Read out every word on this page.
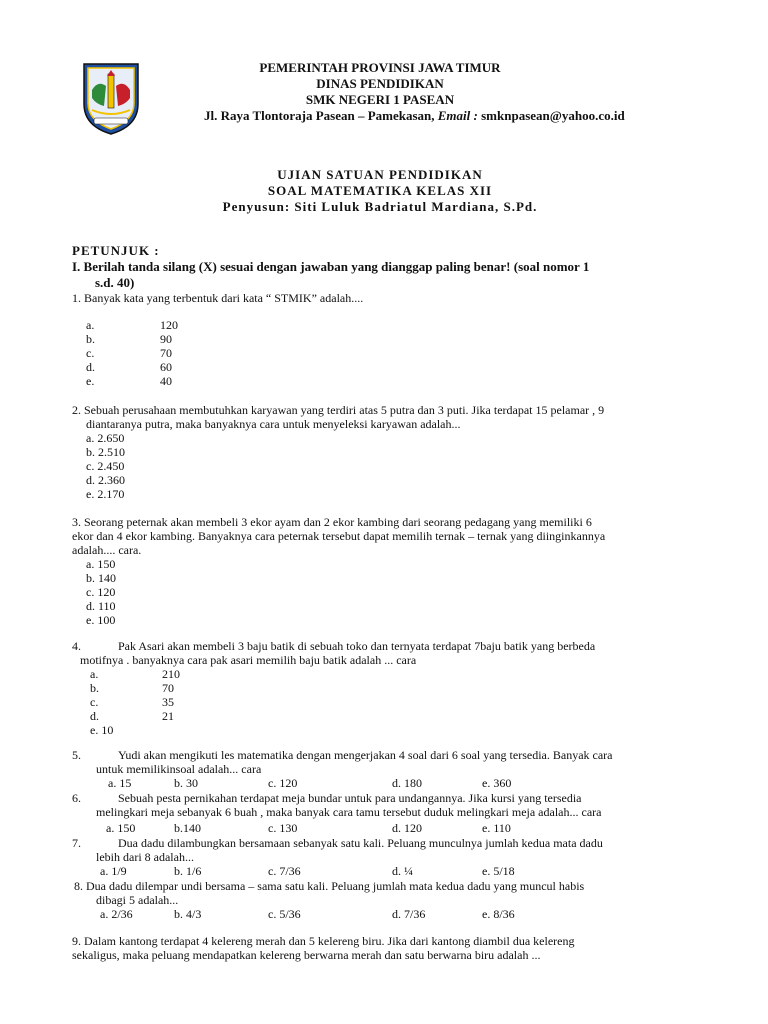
PEMERINTAH PROVINSI JAWA TIMUR
DINAS PENDIDIKAN
SMK NEGERI 1 PASEAN
Jl. Raya Tlontoraja Pasean – Pamekasan, Email : smknpasean@yahoo.co.id
UJIAN SATUAN PENDIDIKAN
SOAL MATEMATIKA KELAS XII
Penyusun: Siti Luluk Badriatul Mardiana, S.Pd.
PETUNJUK :
I. Berilah tanda silang (X) sesuai dengan jawaban yang dianggap paling benar! (soal nomor 1
s.d. 40)
1. Banyak kata yang terbentuk dari kata “ STMIK” adalah....
a.	120
b.	90
c.	70
d.	60
e.	40
2. Sebuah perusahaan membutuhkan karyawan yang terdiri atas 5 putra dan 3 puti. Jika terdapat 15 pelamar , 9
diantaranya putra, maka banyaknya cara untuk menyeleksi karyawan adalah...
a. 2.650
b. 2.510
c. 2.450
d. 2.360
e. 2.170
3. Seorang peternak akan membeli 3 ekor ayam dan 2 ekor kambing dari seorang pedagang yang memiliki 6
ekor dan 4 ekor kambing. Banyaknya cara peternak tersebut dapat memilih ternak – ternak yang diinginkannya
adalah.... cara.
a. 150
b. 140
c. 120
d. 110
e. 100
4.	Pak Asari akan membeli 3 baju batik di sebuah toko dan ternyata terdapat 7baju batik yang berbeda
motifnya . banyaknya cara pak asari memilih baju batik adalah ... cara
a.	210
b.	70
c.	35
d.	21
e. 10
5.	Yudi akan mengikuti les matematika dengan mengerjakan 4 soal dari 6 soal yang tersedia. Banyak cara
untuk memilikinsoal adalah... cara
a. 15	b. 30	c. 120	d. 180	e. 360
6.	Sebuah pesta pernikahan terdapat meja bundar untuk para undangannya. Jika kursi yang tersedia
melingkari meja sebanyak 6 buah , maka banyak cara tamu tersebut duduk melingkari meja adalah... cara
a. 150	b.140	c. 130	d. 120	e. 110
7.	Dua dadu dilambungkan bersamaan sebanyak satu kali. Peluang munculnya jumlah kedua mata dadu
lebih dari 8 adalah...
a. 1/9	b. 1/6	c. 7/36	d. ¼	e. 5/18
8. Dua dadu dilempar undi bersama – sama satu kali. Peluang jumlah mata kedua dadu yang muncul habis
dibagi 5 adalah...
a. 2/36	b. 4/3	c. 5/36	d. 7/36	e. 8/36
9. Dalam kantong terdapat 4 kelereng merah dan 5 kelereng biru. Jika dari kantong diambil dua kelereng
sekaligus, maka peluang mendapatkan kelereng berwarna merah dan satu berwarna biru adalah ...
